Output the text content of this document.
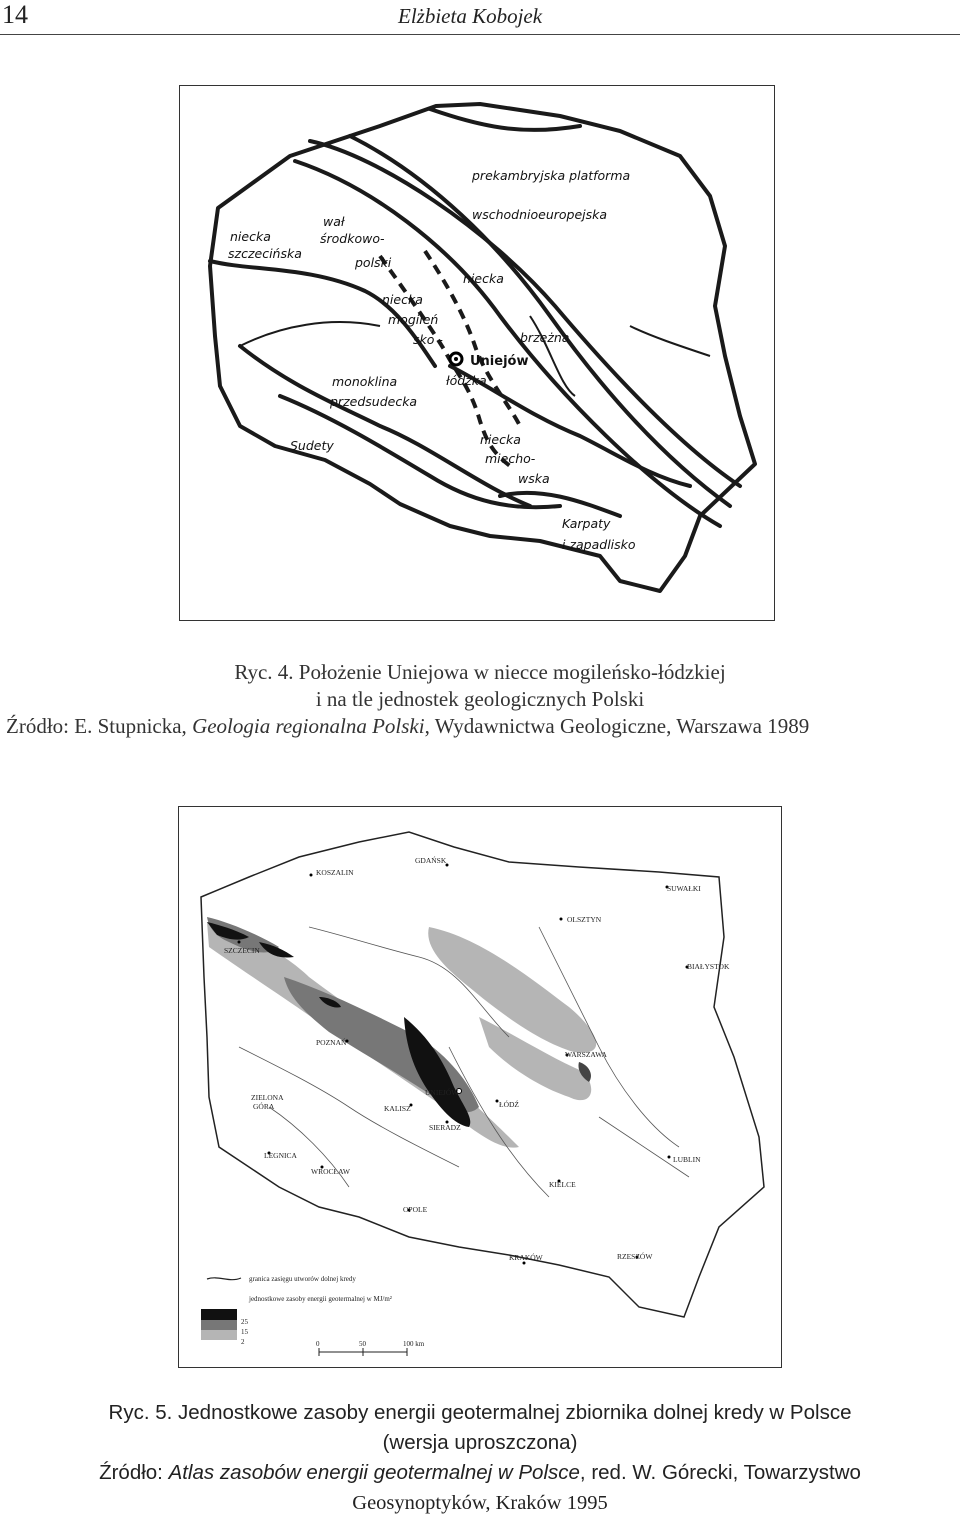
14	Elżbieta Kobojek
niecka
szczecińska
wał
środkowo-
polski
niecka
mogileń
sko -
Uniejów
łódzka
prekambryjska platforma
wschodnioeuropejska
niecka
brzeżna
monoklina
przedsudecka
Sudety	niecka
miecho-
wska
Karpaty
i zapadlisko
Ryc. 4. Położenie Uniejowa w niecce mogileńsko-łódzkiej
i na tle jednostek geologicznych Polski
Źródło: E. Stupnicka, Geologia regionalna Polski, Wydawnictwa Geologiczne, Warszawa 1989
GDAŃSK
KOSZALIN
SUWAŁKI
OLSZTYN
SZCZECIN
BIAŁYSTOK
POZNAŃ
WARSZAWA
ZIELONA
GÓRA	KALISZ
UNIEJÓW
ŁÓDŹ
SIERADZ
LEGNICA
WROCŁAW
LUBLIN
KIELCE
OPOLE
KRAKÓW	RZESZÓW
granica zasięgu utworów dolnej kredy
jednostkowe zasoby energii geotermalnej w MJ/m²
25
15
2	0	50	100 km
Ryc. 5. Jednostkowe zasoby energii geotermalnej zbiornika dolnej kredy w Polsce
(wersja uproszczona)
Źródło: Atlas zasobów energii geotermalnej w Polsce, red. W. Górecki, Towarzystwo
Geosynoptyków, Kraków 1995
